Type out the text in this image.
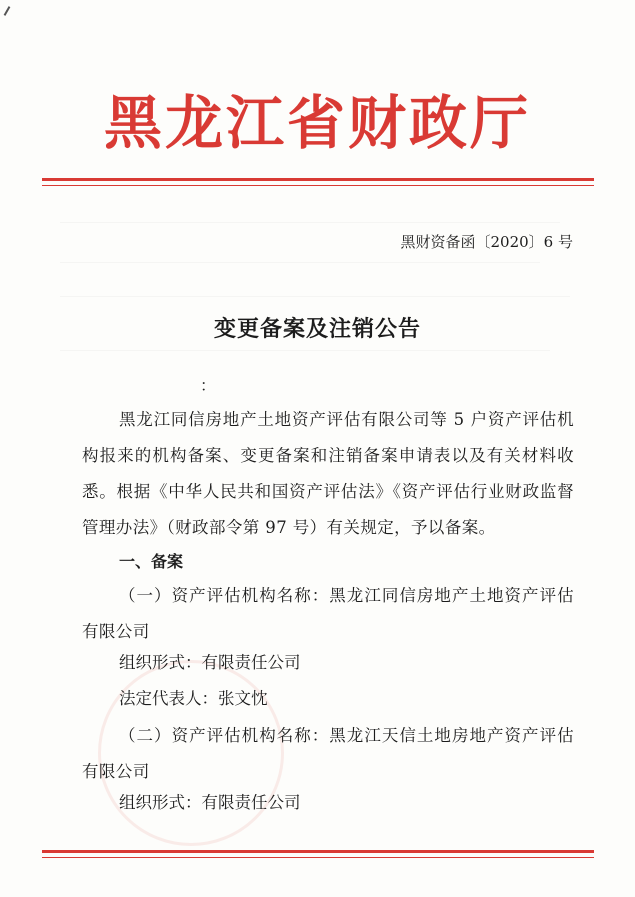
黑龙江省财政厅
黑财资备函〔2020〕6 号
变更备案及注销公告
：
黑龙江同信房地产土地资产评估有限公司等 5 户资产评估机构报来的机构备案、变更备案和注销备案申请表以及有关材料收悉。根据《中华人民共和国资产评估法》《资产评估行业财政监督管理办法》（财政部令第 97 号）有关规定，予以备案。
一、备案
（一）资产评估机构名称：黑龙江同信房地产土地资产评估有限公司
组织形式：有限责任公司
法定代表人：张文忱
（二）资产评估机构名称：黑龙江天信土地房地产资产评估有限公司
组织形式：有限责任公司
